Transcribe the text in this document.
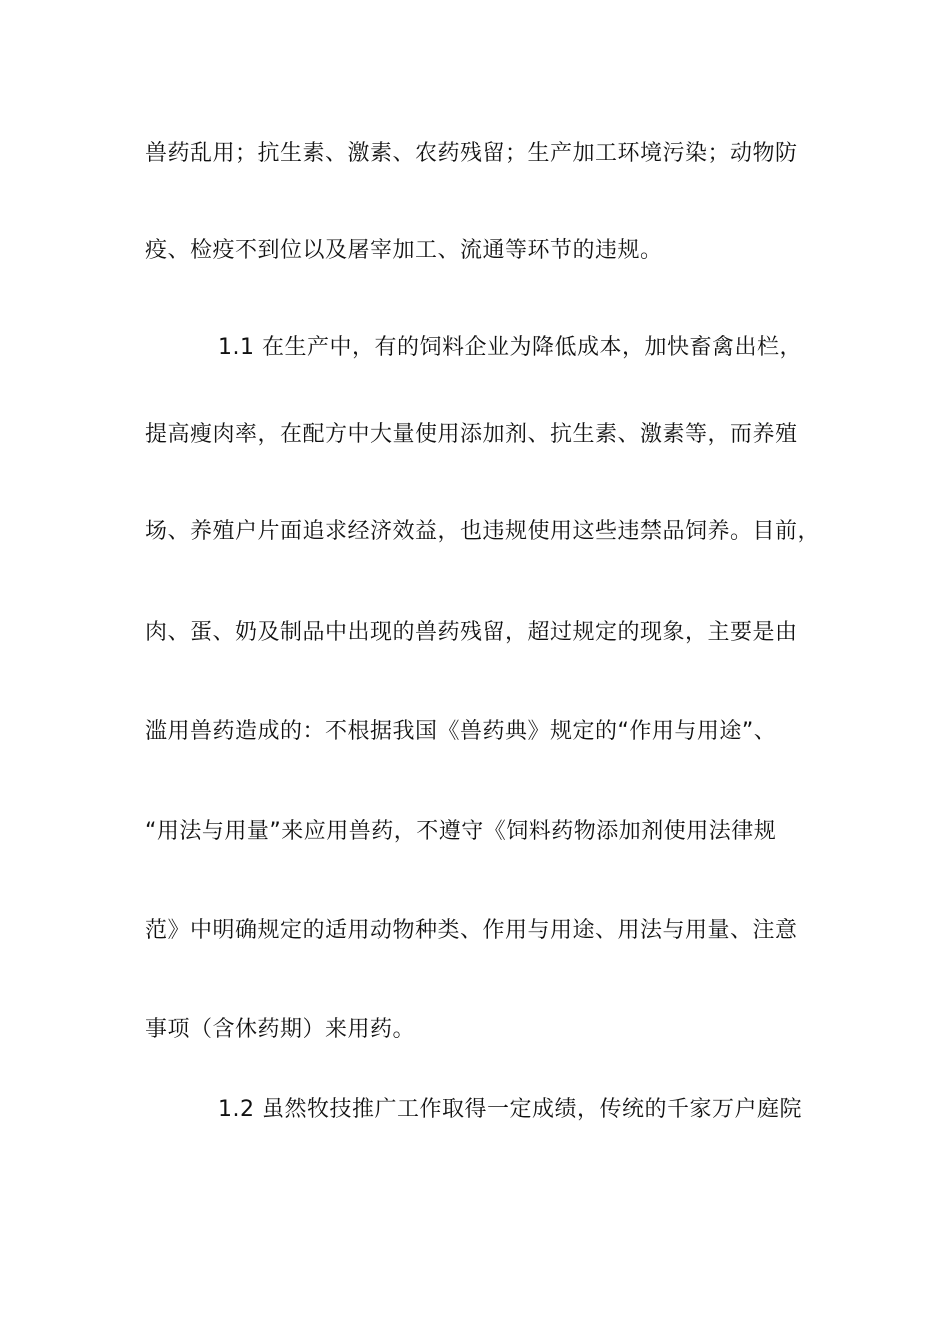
兽药乱用；抗生素、激素、农药残留；生产加工环境污染；动物防
疫、检疫不到位以及屠宰加工、流通等环节的违规。
1.1 在生产中，有的饲料企业为降低成本，加快畜禽出栏，
提高瘦肉率，在配方中大量使用添加剂、抗生素、激素等，而养殖
场、养殖户片面追求经济效益，也违规使用这些违禁品饲养。目前，
肉、蛋、奶及制品中出现的兽药残留，超过规定的现象，主要是由
滥用兽药造成的：不根据我国《兽药典》规定的“作用与用途”、
“用法与用量”来应用兽药，不遵守《饲料药物添加剂使用法律规
范》中明确规定的适用动物种类、作用与用途、用法与用量、注意
事项（含休药期）来用药。
1.2 虽然牧技推广工作取得一定成绩，传统的千家万户庭院
